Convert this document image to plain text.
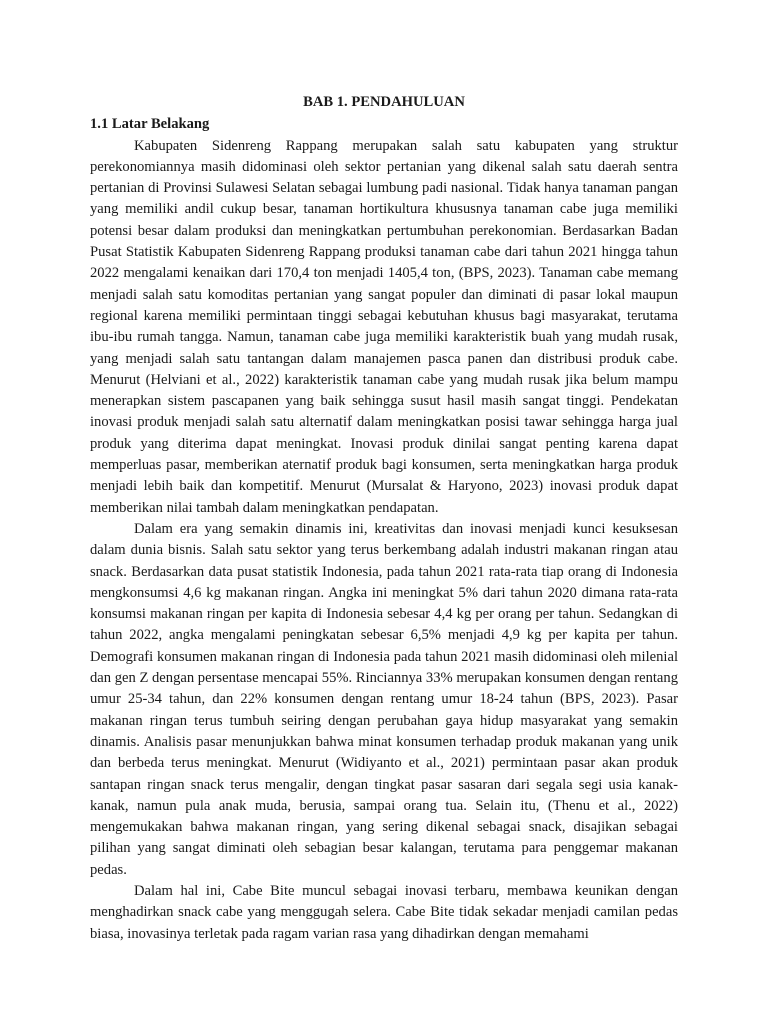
BAB 1. PENDAHULUAN

1.1 Latar Belakang

Kabupaten Sidenreng Rappang merupakan salah satu kabupaten yang struktur perekonomiannya masih didominasi oleh sektor pertanian yang dikenal salah satu daerah sentra pertanian di Provinsi Sulawesi Selatan sebagai lumbung padi nasional. Tidak hanya tanaman pangan yang memiliki andil cukup besar, tanaman hortikultura khususnya tanaman cabe juga memiliki potensi besar dalam produksi dan meningkatkan pertumbuhan perekonomian. Berdasarkan Badan Pusat Statistik Kabupaten Sidenreng Rappang produksi tanaman cabe dari tahun 2021 hingga tahun 2022 mengalami kenaikan dari 170,4 ton menjadi 1405,4 ton, (BPS, 2023). Tanaman cabe memang menjadi salah satu komoditas pertanian yang sangat populer dan diminati di pasar lokal maupun regional karena memiliki permintaan tinggi sebagai kebutuhan khusus bagi masyarakat, terutama ibu-ibu rumah tangga. Namun, tanaman cabe juga memiliki karakteristik buah yang mudah rusak, yang menjadi salah satu tantangan dalam manajemen pasca panen dan distribusi produk cabe. Menurut (Helviani et al., 2022) karakteristik tanaman cabe yang mudah rusak jika belum mampu menerapkan sistem pascapanen yang baik sehingga susut hasil masih sangat tinggi. Pendekatan inovasi produk menjadi salah satu alternatif dalam meningkatkan posisi tawar sehingga harga jual produk yang diterima dapat meningkat. Inovasi produk dinilai sangat penting karena dapat memperluas pasar, memberikan aternatif produk bagi konsumen, serta meningkatkan harga produk menjadi lebih baik dan kompetitif. Menurut (Mursalat & Haryono, 2023) inovasi produk dapat memberikan nilai tambah dalam meningkatkan pendapatan.

Dalam era yang semakin dinamis ini, kreativitas dan inovasi menjadi kunci kesuksesan dalam dunia bisnis. Salah satu sektor yang terus berkembang adalah industri makanan ringan atau snack. Berdasarkan data pusat statistik Indonesia, pada tahun 2021 rata-rata tiap orang di Indonesia mengkonsumsi 4,6 kg makanan ringan. Angka ini meningkat 5% dari tahun 2020 dimana rata-rata konsumsi makanan ringan per kapita di Indonesia sebesar 4,4 kg per orang per tahun. Sedangkan di tahun 2022, angka mengalami peningkatan sebesar 6,5% menjadi 4,9 kg per kapita per tahun. Demografi konsumen makanan ringan di Indonesia pada tahun 2021 masih didominasi oleh milenial dan gen Z dengan persentase mencapai 55%. Rinciannya 33% merupakan konsumen dengan rentang umur 25-34 tahun, dan 22% konsumen dengan rentang umur 18-24 tahun (BPS, 2023). Pasar makanan ringan terus tumbuh seiring dengan perubahan gaya hidup masyarakat yang semakin dinamis. Analisis pasar menunjukkan bahwa minat konsumen terhadap produk makanan yang unik dan berbeda terus meningkat. Menurut (Widiyanto et al., 2021) permintaan pasar akan produk santapan ringan snack terus mengalir, dengan tingkat pasar sasaran dari segala segi usia kanak-kanak, namun pula anak muda, berusia, sampai orang tua. Selain itu, (Thenu et al., 2022) mengemukakan bahwa makanan ringan, yang sering dikenal sebagai snack, disajikan sebagai pilihan yang sangat diminati oleh sebagian besar kalangan, terutama para penggemar makanan pedas.

Dalam hal ini, Cabe Bite muncul sebagai inovasi terbaru, membawa keunikan dengan menghadirkan snack cabe yang menggugah selera. Cabe Bite tidak sekadar menjadi camilan pedas biasa, inovasinya terletak pada ragam varian rasa yang dihadirkan dengan memahami
